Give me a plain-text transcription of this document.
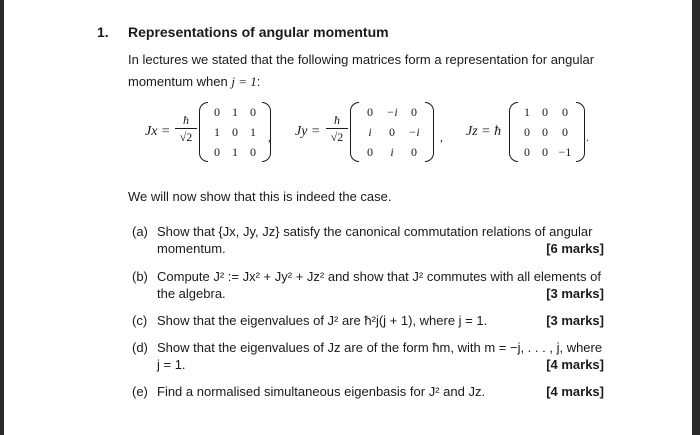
1. Representations of angular momentum
In lectures we stated that the following matrices form a representation for angular
momentum when j = 1:
Jx =
ħ
√2
0	1	0
1	0	1
0	1	0
, Jy =
ħ
√2
0	−i	0
i	0	−i
0	i	0
, Jz = ħ
1	0	0
0	0	0
0	0	−1
.
We will now show that this is indeed the case.
(a) Show that {Jx, Jy, Jz} satisfy the canonical commutation relations of angular momentum.	[6 marks]
(b) Compute J² := Jx² + Jy² + Jz² and show that J² commutes with all elements of the algebra.	[3 marks]
(c) Show that the eigenvalues of J² are ħ²j(j + 1), where j = 1.	[3 marks]
(d) Show that the eigenvalues of Jz are of the form ħm, with m = −j, . . . , j, where j = 1.	[4 marks]
(e) Find a normalised simultaneous eigenbasis for J² and Jz.	[4 marks]
